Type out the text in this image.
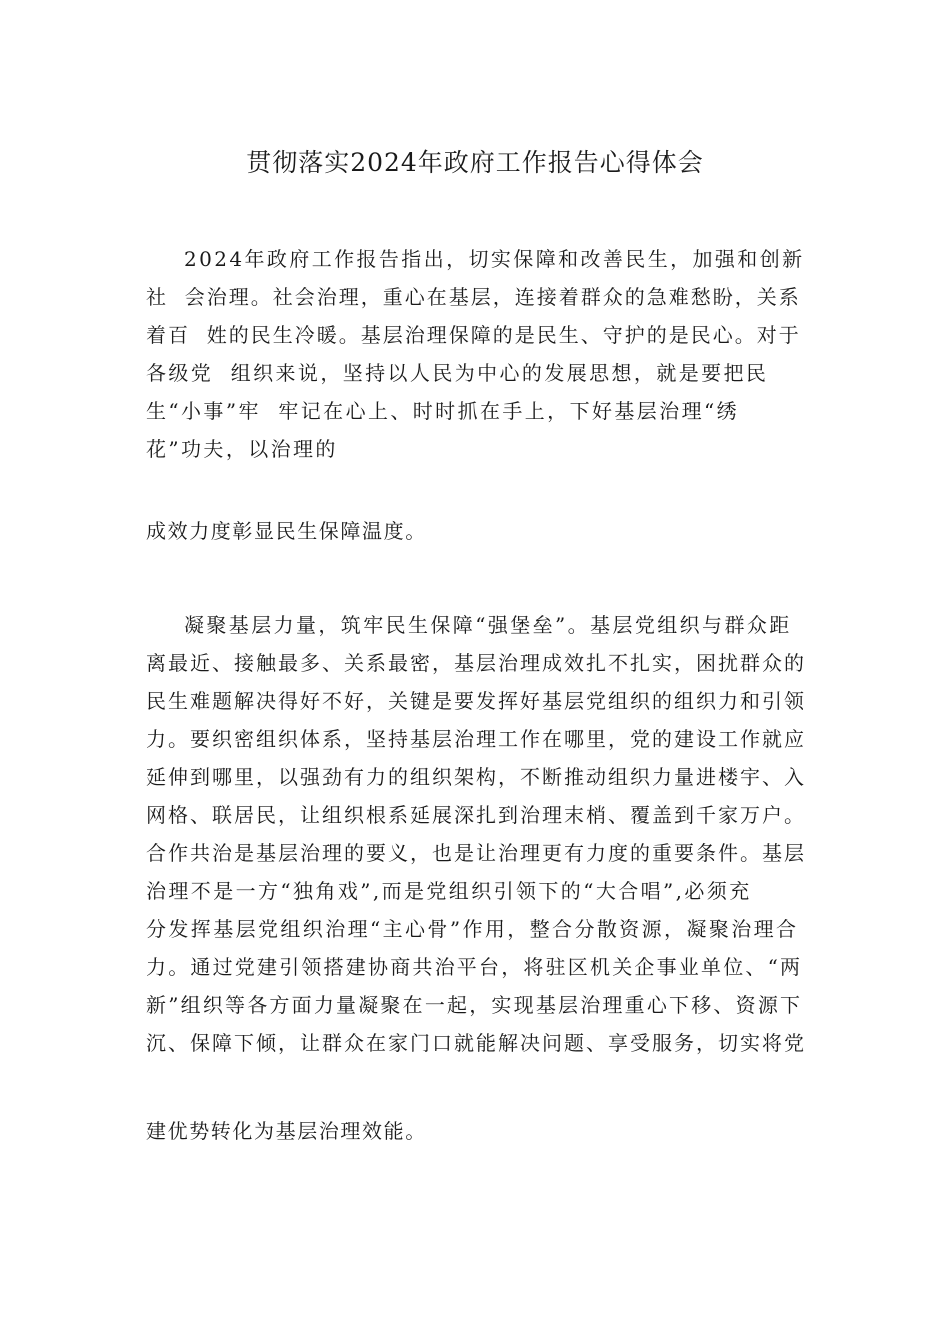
贯彻落实2024年政府工作报告心得体会
2024年政府工作报告指出，切实保障和改善民生，加强和创新
社  会治理。社会治理，重心在基层，连接着群众的急难愁盼，关系
着百  姓的民生冷暖。基层治理保障的是民生、守护的是民心。对于
各级党  组织来说，坚持以人民为中心的发展思想，就是要把民
生“小事”牢  牢记在心上、时时抓在手上，下好基层治理“绣
花”功夫，以治理的
成效力度彰显民生保障温度。
凝聚基层力量，筑牢民生保障“强堡垒”。基层党组织与群众距
离最近、接触最多、关系最密，基层治理成效扎不扎实，困扰群众的
民生难题解决得好不好，关键是要发挥好基层党组织的组织力和引领
力。要织密组织体系，坚持基层治理工作在哪里，党的建设工作就应
延伸到哪里，以强劲有力的组织架构，不断推动组织力量进楼宇、入
网格、联居民，让组织根系延展深扎到治理末梢、覆盖到千家万户。
合作共治是基层治理的要义，也是让治理更有力度的重要条件。基层
治理不是一方“独角戏”,而是党组织引领下的“大合唱”,必须充
分发挥基层党组织治理“主心骨”作用，整合分散资源，凝聚治理合
力。通过党建引领搭建协商共治平台，将驻区机关企事业单位、“两
新”组织等各方面力量凝聚在一起，实现基层治理重心下移、资源下
沉、保障下倾，让群众在家门口就能解决问题、享受服务，切实将党
建优势转化为基层治理效能。
